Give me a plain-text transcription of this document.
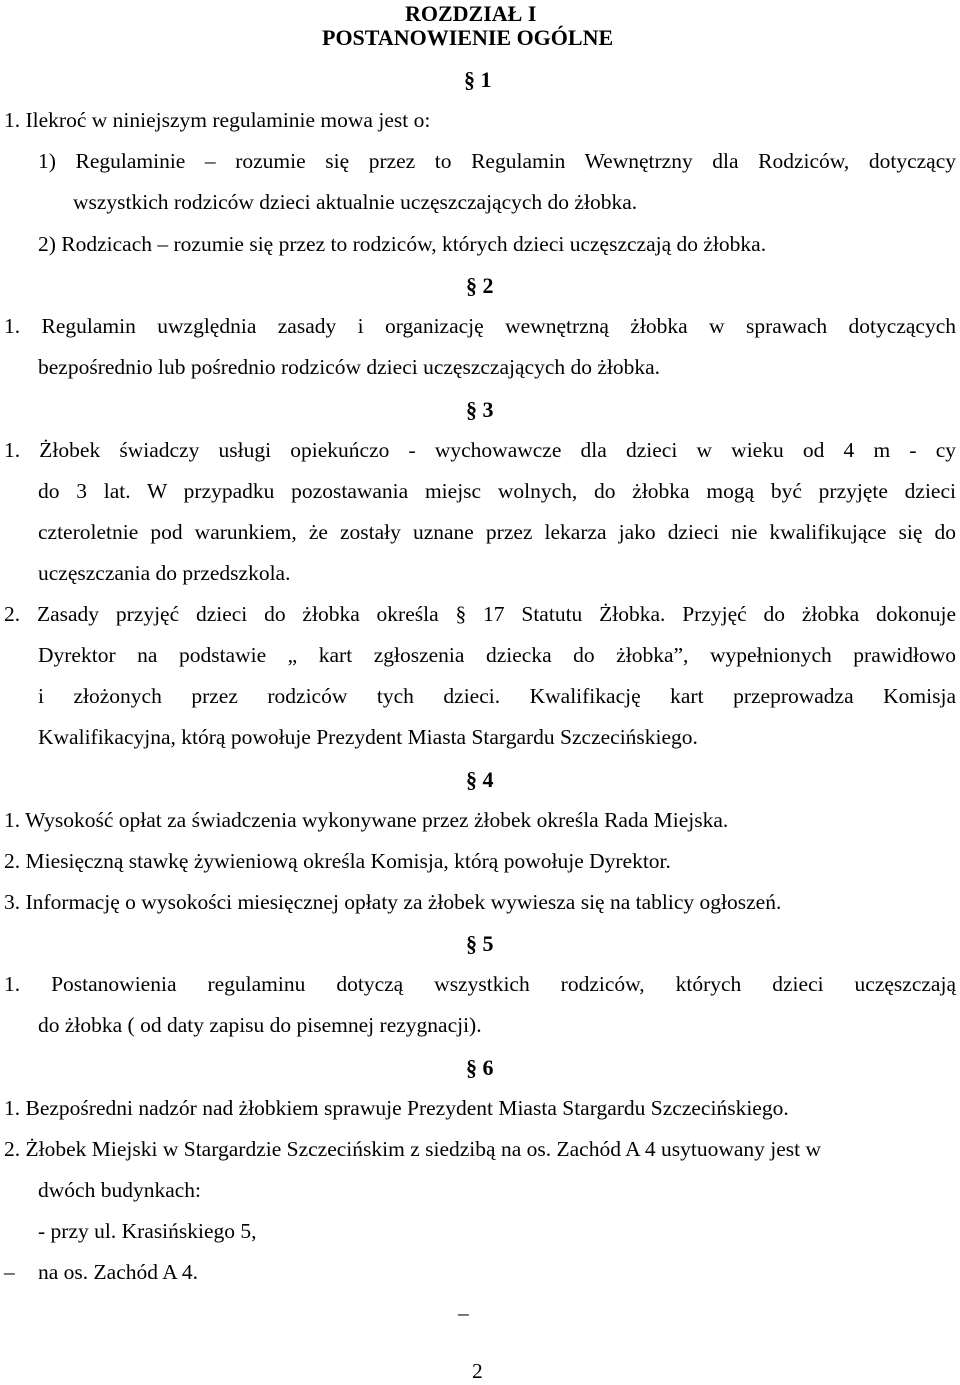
ROZDZIAŁ I
POSTANOWIENIE OGÓLNE
§ 1
1. Ilekroć w niniejszym regulaminie mowa jest o:
1) Regulaminie – rozumie się przez to Regulamin Wewnętrzny dla Rodziców, dotyczący
wszystkich rodziców dzieci aktualnie uczęszczających do żłobka.
2) Rodzicach – rozumie się przez to rodziców, których dzieci uczęszczają do żłobka.
§ 2
1. Regulamin uwzględnia zasady i organizację wewnętrzną żłobka w sprawach dotyczących
bezpośrednio lub pośrednio rodziców dzieci uczęszczających do żłobka.
§ 3
1. Żłobek świadczy usługi opiekuńczo - wychowawcze dla dzieci w wieku od 4 m - cy
do 3 lat. W przypadku pozostawania miejsc wolnych, do żłobka mogą być przyjęte dzieci
czteroletnie pod warunkiem, że zostały uznane przez lekarza jako dzieci nie kwalifikujące się do
uczęszczania do przedszkola.
2. Zasady przyjęć dzieci do żłobka określa § 17 Statutu Żłobka. Przyjęć do żłobka dokonuje
Dyrektor na podstawie „ kart zgłoszenia dziecka do żłobka”, wypełnionych prawidłowo
i złożonych przez rodziców tych dzieci. Kwalifikację kart przeprowadza Komisja
Kwalifikacyjna, którą powołuje Prezydent Miasta Stargardu Szczecińskiego.
§ 4
1. Wysokość opłat za świadczenia wykonywane przez żłobek określa Rada Miejska.
2. Miesięczną stawkę żywieniową określa Komisja, którą powołuje Dyrektor.
3. Informację o wysokości miesięcznej opłaty za żłobek wywiesza się na tablicy ogłoszeń.
§ 5
1. Postanowienia regulaminu dotyczą wszystkich rodziców, których dzieci uczęszczają
do żłobka ( od daty zapisu do pisemnej rezygnacji).
§ 6
1. Bezpośredni nadzór nad żłobkiem sprawuje Prezydent Miasta Stargardu Szczecińskiego.
2. Żłobek Miejski w Stargardzie Szczecińskim z siedzibą na os. Zachód A 4 usytuowany jest w
dwóch budynkach:
- przy ul. Krasińskiego 5,
– na os. Zachód A 4.
–
2
